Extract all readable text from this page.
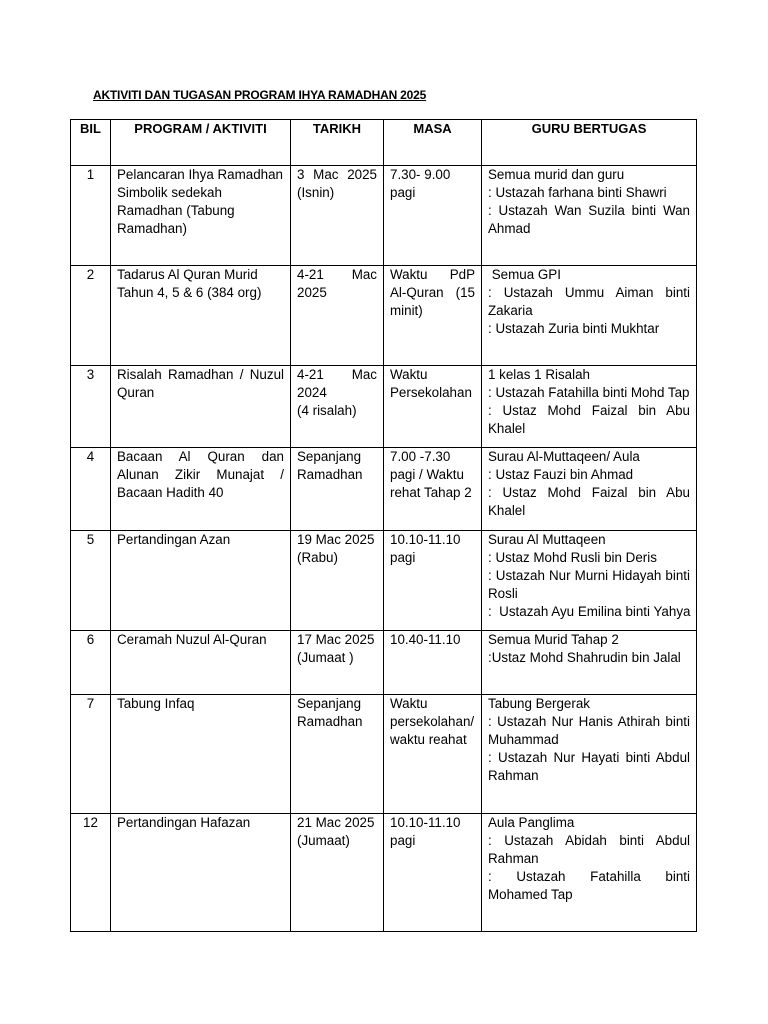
AKTIVITI DAN TUGASAN PROGRAM IHYA RAMADHAN 2025
BIL	PROGRAM / AKTIVITI	TARIKH	MASA	GURU BERTUGAS
1	Pelancaran Ihya Ramadhan Simbolik sedekah Ramadhan (Tabung Ramadhan)	3 Mac 2025 (Isnin)	7.30- 9.00 pagi	Semua murid dan guru
: Ustazah farhana binti Shawri
: Ustazah Wan Suzila binti Wan Ahmad

2	Tadarus Al Quran Murid Tahun 4, 5 & 6 (384 org)	4-21 Mac 2025	Waktu PdP Al-Quran (15 minit)	Semua GPI
: Ustazah Ummu Aiman binti Zakaria
: Ustazah Zuria binti Mukhtar

3	Risalah Ramadhan / Nuzul Quran	4-21 Mac 2024
(4 risalah)	Waktu Persekolahan	1 kelas 1 Risalah
: Ustazah Fatahilla binti Mohd Tap
: Ustaz Mohd Faizal bin Abu Khalel

4	Bacaan Al Quran dan Alunan Zikir Munajat / Bacaan Hadith 40	Sepanjang Ramadhan	7.00 -7.30 pagi / Waktu rehat Tahap 2	Surau Al-Muttaqeen/ Aula
: Ustaz Fauzi bin Ahmad
: Ustaz Mohd Faizal bin Abu Khalel

5	Pertandingan Azan	19 Mac 2025 (Rabu)	10.10-11.10 pagi	Surau Al Muttaqeen
: Ustaz Mohd Rusli bin Deris
: Ustazah Nur Murni Hidayah binti Rosli
:  Ustazah Ayu Emilina binti Yahya

6	Ceramah Nuzul Al-Quran	17 Mac 2025 (Jumaat )	10.40-11.10	Semua Murid Tahap 2
:Ustaz Mohd Shahrudin bin Jalal

7	Tabung Infaq	Sepanjang Ramadhan	Waktu persekolahan/ waktu reahat	Tabung Bergerak
: Ustazah Nur Hanis Athirah binti Muhammad
: Ustazah Nur Hayati binti Abdul Rahman

12	Pertandingan Hafazan	21 Mac 2025 (Jumaat)	10.10-11.10 pagi	Aula Panglima
: Ustazah Abidah binti Abdul Rahman
: Ustazah Fatahilla binti Mohamed Tap
